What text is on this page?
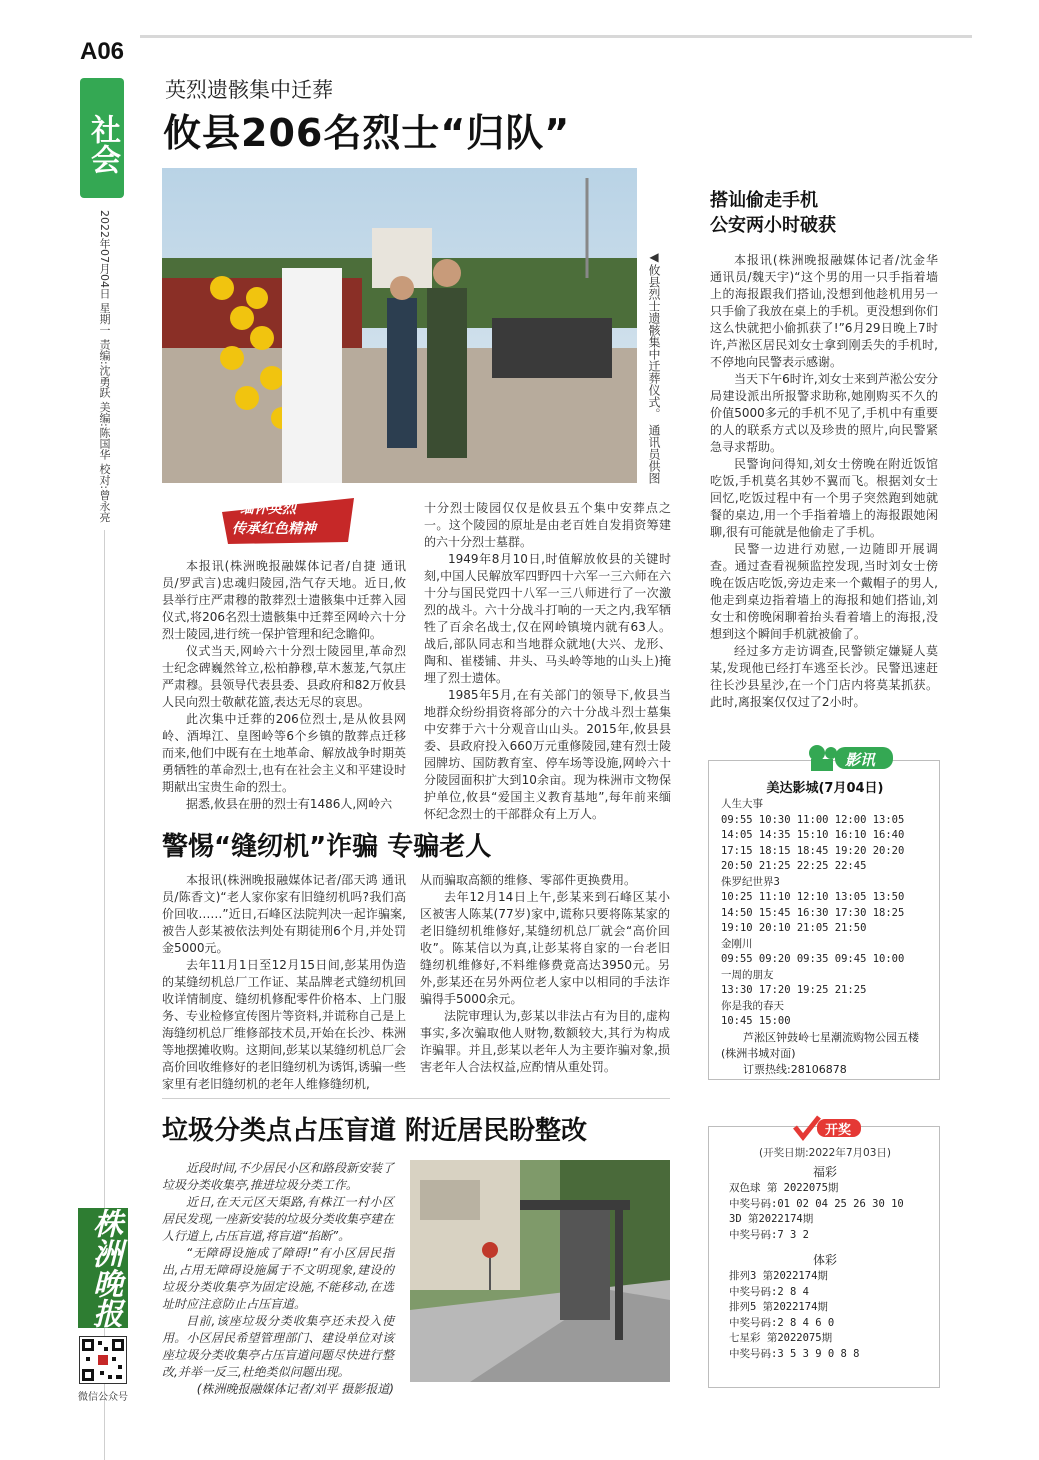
A06
社会
2022年07月04日 星期一 责编:沈勇跃 美编:陈国华 校对:曾永亮
英烈遗骸集中迁葬
攸县206名烈士“归队”
◀攸县烈士遗骸集中迁葬仪式。 通讯员供图
缅怀英烈
传承红色精神

本报讯(株洲晚报融媒体记者/自捷 通讯员/罗武言)忠魂归陵园,浩气存天地。近日,攸县举行庄严肃穆的散葬烈士遗骸集中迁葬入园仪式,将206名烈士遗骸集中迁葬至网岭六十分烈士陵园,进行统一保护管理和纪念瞻仰。

仪式当天,网岭六十分烈士陵园里,革命烈士纪念碑巍然耸立,松柏静穆,草木葱茏,气氛庄严肃穆。县领导代表县委、县政府和82万攸县人民向烈士敬献花篮,表达无尽的哀思。

此次集中迁葬的206位烈士,是从攸县网岭、酒埠江、皇图岭等6个乡镇的散葬点迁移而来,他们中既有在土地革命、解放战争时期英勇牺牲的革命烈士,也有在社会主义和平建设时期献出宝贵生命的烈士。

据悉,攸县在册的烈士有1486人,网岭六

十分烈士陵园仅仅是攸县五个集中安葬点之一。这个陵园的原址是由老百姓自发捐资筹建的六十分烈士墓群。

1949年8月10日,时值解放攸县的关键时刻,中国人民解放军四野四十六军一三六师在六十分与国民党四十八军一三八师进行了一次激烈的战斗。六十分战斗打响的一天之内,我军牺牲了百余名战士,仅在网岭镇境内就有63人。战后,部队同志和当地群众就地(大兴、龙形、陶和、崔楼铺、井头、马头岭等地的山头上)掩埋了烈士遗体。

1985年5月,在有关部门的领导下,攸县当地群众纷纷捐资将部分的六十分战斗烈士墓集中安葬于六十分观音山山头。2015年,攸县县委、县政府投入660万元重修陵园,建有烈士陵园牌坊、国防教育室、停车场等设施,网岭六十分陵园面积扩大到10余亩。现为株洲市文物保护单位,攸县“爱国主义教育基地”,每年前来缅怀纪念烈士的干部群众有上万人。

搭讪偷走手机
公安两小时破获

本报讯(株洲晚报融媒体记者/沈金华 通讯员/魏天宇)“这个男的用一只手指着墙上的海报跟我们搭讪,没想到他趁机用另一只手偷了我放在桌上的手机。更没想到你们这么快就把小偷抓获了!”6月29日晚上7时许,芦淞区居民刘女士拿到刚丢失的手机时,不停地向民警表示感谢。

当天下午6时许,刘女士来到芦淞公安分局建设派出所报警求助称,她刚购买不久的价值5000多元的手机不见了,手机中有重要的人的联系方式以及珍贵的照片,向民警紧急寻求帮助。

民警询问得知,刘女士傍晚在附近饭馆吃饭,手机莫名其妙不翼而飞。根据刘女士回忆,吃饭过程中有一个男子突然跑到她就餐的桌边,用一个手指着墙上的海报跟她闲聊,很有可能就是他偷走了手机。

民警一边进行劝慰,一边随即开展调查。通过查看视频监控发现,当时刘女士傍晚在饭店吃饭,旁边走来一个戴帽子的男人,他走到桌边指着墙上的海报和她们搭讪,刘女士和傍晚闲聊着抬头看着墙上的海报,没想到这个瞬间手机就被偷了。

经过多方走访调查,民警锁定嫌疑人莫某,发现他已经打车逃至长沙。民警迅速赶往长沙县星沙,在一个门店内将莫某抓获。此时,离报案仅仅过了2小时。

影讯
美达影城(7月04日)
人生大事
09:55 10:30 11:00 12:00 13:05
14:05 14:35 15:10 16:10 16:40
17:15 18:15 18:45 19:20 20:20
20:50 21:25 22:25 22:45
侏罗纪世界3
10:25 11:10 12:10 13:05 13:50
14:50 15:45 16:30 17:30 18:25
19:10 20:10 21:05 21:50
金刚川
09:55 09:20 09:35 09:45 10:00
一周的朋友
13:30 17:20 19:25 21:25
你是我的春天
10:45 15:00
芦淞区钟鼓岭七星潮流购物公园五楼(株洲书城对面)
订票热线:28106878
警惕“缝纫机”诈骗 专骗老人

本报讯(株洲晚报融媒体记者/邵天鸿 通讯员/陈香文)“老人家你家有旧缝纫机吗?我们高价回收……”近日,石峰区法院判决一起诈骗案,被告人彭某被依法判处有期徒刑6个月,并处罚金5000元。

去年11月1日至12月15日间,彭某用伪造的某缝纫机总厂工作证、某品牌老式缝纫机回收详情制度、缝纫机修配零件价格本、上门服务、专业检修宣传图片等资料,并谎称自己是上海缝纫机总厂维修部技术员,开始在长沙、株洲等地摆摊收购。这期间,彭某以某缝纫机总厂会高价回收维修好的老旧缝纫机为诱饵,诱骗一些家里有老旧缝纫机的老年人维修缝纫机,

从而骗取高额的维修、零部件更换费用。

去年12月14日上午,彭某来到石峰区某小区被害人陈某(77岁)家中,谎称只要将陈某家的老旧缝纫机维修好,某缝纫机总厂就会“高价回收”。陈某信以为真,让彭某将自家的一台老旧缝纫机维修好,不料维修费竟高达3950元。另外,彭某还在另外两位老人家中以相同的手法诈骗得手5000余元。

法院审理认为,彭某以非法占有为目的,虚构事实,多次骗取他人财物,数额较大,其行为构成诈骗罪。并且,彭某以老年人为主要诈骗对象,损害老年人合法权益,应酌情从重处罚。

垃圾分类点占压盲道 附近居民盼整改

近段时间,不少居民小区和路段新安装了垃圾分类收集亭,推进垃圾分类工作。

近日,在天元区天渠路,有株江一村小区居民发现,一座新安装的垃圾分类收集亭建在人行道上,占压盲道,将盲道“掐断”。

“无障碍设施成了障碍!”有小区居民指出,占用无障碍设施属于不文明现象,建设的垃圾分类收集亭为固定设施,不能移动,在选址时应注意防止占压盲道。

目前,该座垃圾分类收集亭还未投入使用。小区居民希望管理部门、建设单位对该座垃圾分类收集亭占压盲道问题尽快进行整改,并举一反三,杜绝类似问题出现。

(株洲晚报融媒体记者/刘平 摄影报道)

开奖
(开奖日期:2022年7月03日)
福彩
双色球 第 2022075期
中奖号码:01 02 04 25 26 30 10
3D 第2022174期
中奖号码:7 3 2
体彩
排列3 第2022174期
中奖号码:2 8 4
排列5 第2022174期
中奖号码:2 8 4 6 0
七星彩 第2022075期
中奖号码:3 5 3 9 0 8 8
株洲晚报
微信公众号
